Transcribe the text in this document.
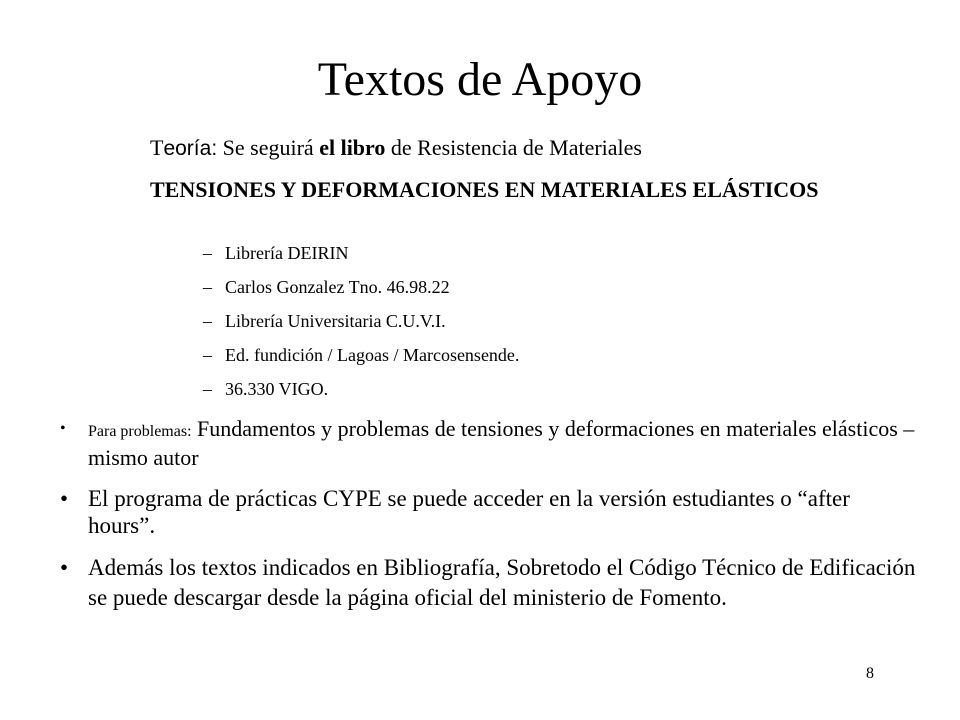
Textos de Apoyo
Teoría: Se seguirá el libro de Resistencia de Materiales
TENSIONES Y DEFORMACIONES EN MATERIALES ELÁSTICOS
– Librería DEIRIN
– Carlos Gonzalez Tno. 46.98.22
– Librería Universitaria C.U.V.I.
– Ed. fundición / Lagoas / Marcosensende.
– 36.330 VIGO.
•	Para problemas: Fundamentos y problemas de tensiones y deformaciones en materiales elásticos – mismo autor
• El programa de prácticas CYPE se puede acceder en la versión estudiantes o “after hours”.
• Además los textos indicados en Bibliografía, Sobretodo el Código Técnico de Edificación se puede descargar desde la página oficial del ministerio de Fomento.
8
